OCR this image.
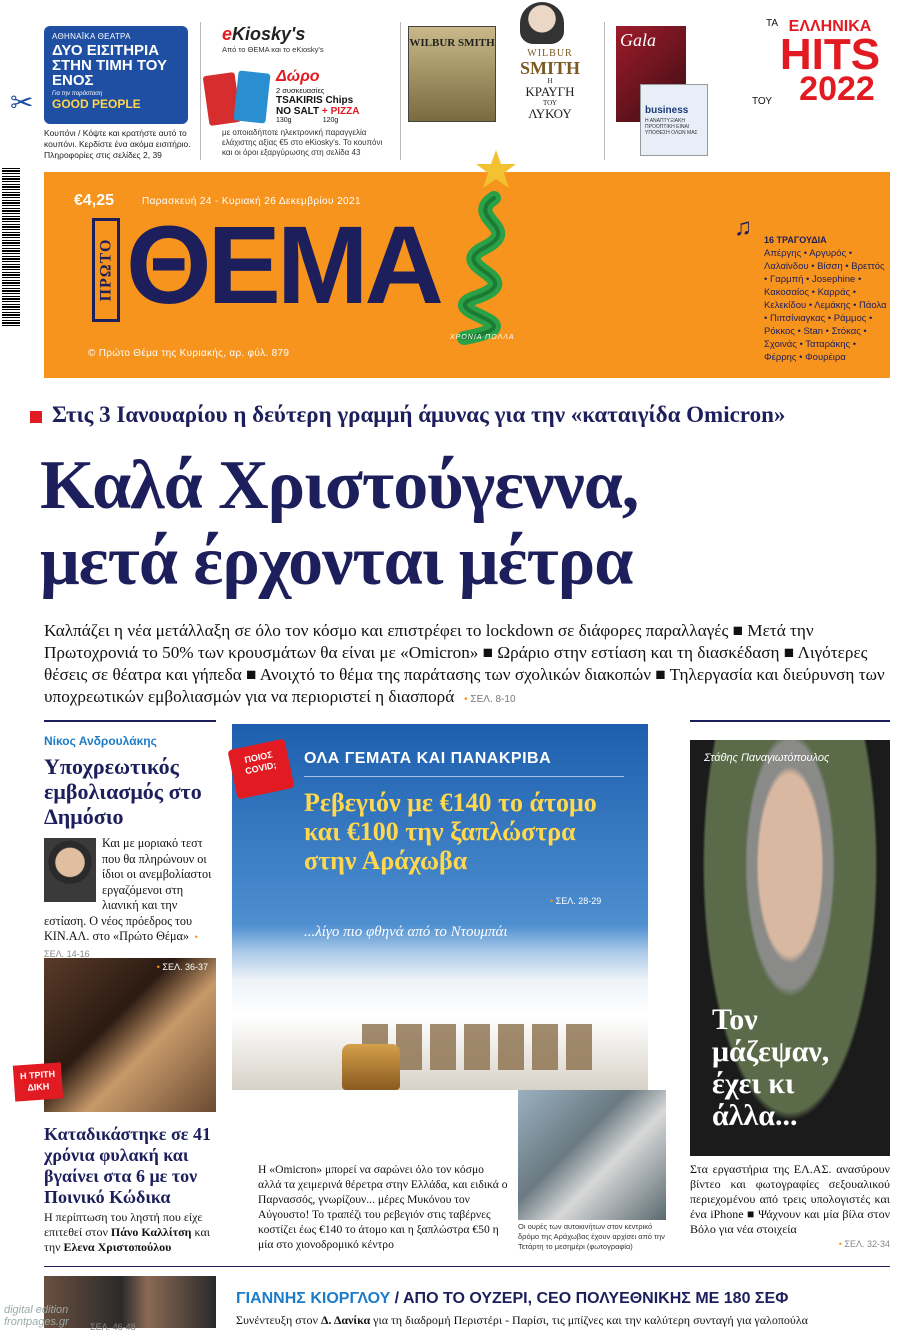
✂
ΑΘΗΝΑΪΚΑ ΘΕΑΤΡΑ
ΔΥΟ ΕΙΣΙΤΗΡΙΑ ΣΤΗΝ ΤΙΜΗ ΤΟΥ ΕΝΟΣ
Για την παράσταση
GOOD PEOPLE
Κουπόνι / Κόψτε και κρατήστε αυτό το κουπόνι. Κερδίστε ένα ακόμα εισιτήριο. Πληροφορίες στις σελίδες 2, 39
eKiosky's
Από το ΘΕΜΑ και το eKiosky's
Δώρο
2 συσκευασίες
TSAKIRIS Chips
NO SALT + PIZZA
130g                120g
με οποιαδήποτε ηλεκτρονική παραγγελία ελάχιστης αξίας €5 στο eKiosky's. Το κουπόνι και οι όροι εξαργύρωσης στη σελίδα 43
WILBUR SMITH
WILBUR
SMITH
Η
ΚΡΑΥΓΗ
ΤΟΥ
ΛΥΚΟΥ
Gala
business
Η ΑΝΑΠΤΥΞΙΑΚΗ ΠΡΟΟΠΤΙΚΗ ΕΙΝΑΙ ΥΠΟΘΕΣΗ ΟΛΩΝ ΜΑΣ
ΤΑ ΕΛΛΗΝΙΚΑ
HITS
ΤΟΥ 2022
€4,25	Παρασκευή 24 - Κυριακή 26 Δεκεμβρίου 2021
ΠΡΩΤΟ ΘΕΜΑ
ΧΡΟΝΙΑ ΠΟΛΛΑ
© Πρώτο Θέμα της Κυριακής, αρ. φύλ. 879
♫ 16 ΤΡΑΓΟΥΔΙΑ
Απέργης • Αργυρός • Λαλαϊνδου • Βίσση • Βρεττός • Γαρμπή • Josephine • Κακοσαίος • Καρράς • Κελεκίδου • Λεμάκης • Πάολα • Πιπσίνιαγκας • Ράμμος • Ρόκκος • Stan • Στόκας • Σχοινάς • Ταταράκης • Φέρρης • Φουρέιρα
Στις 3 Ιανουαρίου η δεύτερη γραμμή άμυνας για την «καταιγίδα Omicron»
Καλά Χριστούγεννα,
μετά έρχονται μέτρα
Καλπάζει η νέα μετάλλαξη σε όλο τον κόσμο και επιστρέφει το lockdown σε διάφορες παραλλαγές ■ Μετά την Πρωτοχρονιά το 50% των κρουσμάτων θα είναι με «Omicron» ■ Ωράριο στην εστίαση και τη διασκέδαση ■ Λιγότερες θέσεις σε θέατρα και γήπεδα ■ Ανοιχτό το θέμα της παράτασης των σχολικών διακοπών ■ Τηλεργασία και διεύρυνση των υποχρεωτικών εμβολιασμών για να περιοριστεί η διασπορά • ΣΕΛ. 8-10
Νίκος Ανδρουλάκης
Υποχρεωτικός εμβολιασμός στο Δημόσιο
Και με μοριακό τεστ που θα πληρώνουν οι ίδιοι οι ανεμβολίαστοι εργαζόμενοι στη λιανική και την εστίαση. Ο νέος πρόεδρος του ΚΙΝ.ΑΛ. στο «Πρώτο Θέμα» • ΣΕΛ. 14-16
• ΣΕΛ. 36-37
Η ΤΡΙΤΗ ΔΙΚΗ
Καταδικάστηκε σε 41 χρόνια φυλακή και βγαίνει στα 6 με τον Ποινικό Κώδικα
Η περίπτωση του ληστή που είχε επιτεθεί στον Πάνο Καλλίτση και την Ελενα Χριστοπούλου
ΟΛΑ ΓΕΜΑΤΑ ΚΑΙ ΠΑΝΑΚΡΙΒΑ
Ρεβεγιόν με €140 το άτομο και €100 την ξαπλώστρα στην Αράχωβα
• ΣΕΛ. 28-29
...λίγο πιο φθηνά από το Ντουμπάι
ΠΟΙΟΣ COVID;
Η «Omicron» μπορεί να σαρώνει όλο τον κόσμο αλλά τα χειμερινά θέρετρα στην Ελλάδα, και ειδικά ο Παρνασσός, γνωρίζουν... μέρες Μυκόνου τον Αύγουστο! Το τραπέζι του ρεβεγιόν στις ταβέρνες κοστίζει έως €140 το άτομο και η ξαπλώστρα €50 η μία στο χιονοδρομικό κέντρο
Οι ουρές των αυτοκινήτων στον κεντρικό δρόμο της Αράχωβας έχουν αρχίσει από την Τετάρτη το μεσημέρι (φωτογραφία)
Στάθης Παναγιωτόπουλος
Τον μάζεψαν, έχει κι άλλα...
Στα εργαστήρια της ΕΛ.ΑΣ. ανασύρουν βίντεο και φωτογραφίες σεξουαλικού περιεχομένου από τρεις υπολογιστές και ένα iPhone ■ Ψάχνουν και μία βίλα στον Βόλο για νέα στοιχεία
• ΣΕΛ. 32-34
ΣΕΛ. 46-48
ΓΙΑΝΝΗΣ ΚΙΟΡΓΛΟΥ / ΑΠΟ ΤΟ ΟΥΖΕΡΙ, CEO ΠΟΛΥΕΘΝΙΚΗΣ ΜΕ 180 ΣΕΦ
Συνέντευξη στον Δ. Δανίκα για τη διαδρομή Περιστέρι - Παρίσι, τις μπίζνες και την καλύτερη συνταγή για γαλοπούλα
digital edition
frontpages.gr
